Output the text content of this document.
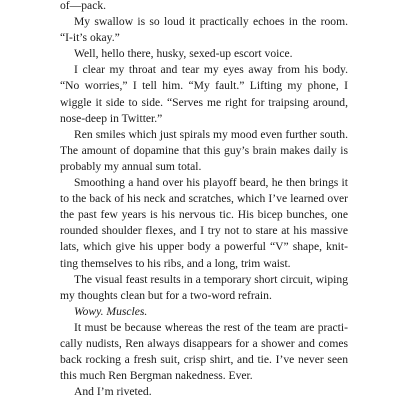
of—pack.

My swallow is so loud it practically echoes in the room. “I-it’s okay.”

Well, hello there, husky, sexed-up escort voice.

I clear my throat and tear my eyes away from his body. “No worries,” I tell him. “My fault.” Lifting my phone, I wiggle it side to side. “Serves me right for traipsing around, nose-deep in Twitter.”

Ren smiles which just spirals my mood even further south. The amount of dopamine that this guy’s brain makes daily is probably my annual sum total.

Smoothing a hand over his playoff beard, he then brings it to the back of his neck and scratches, which I’ve learned over the past few years is his nervous tic. His bicep bunches, one rounded shoulder flexes, and I try not to stare at his massive lats, which give his upper body a powerful “V” shape, knitting themselves to his ribs, and a long, trim waist.

The visual feast results in a temporary short circuit, wiping my thoughts clean but for a two-word refrain.

Wowy. Muscles.

It must be because whereas the rest of the team are practically nudists, Ren always disappears for a shower and comes back rocking a fresh suit, crisp shirt, and tie. I’ve never seen this much Ren Bergman nakedness. Ever.

And I’m riveted.
